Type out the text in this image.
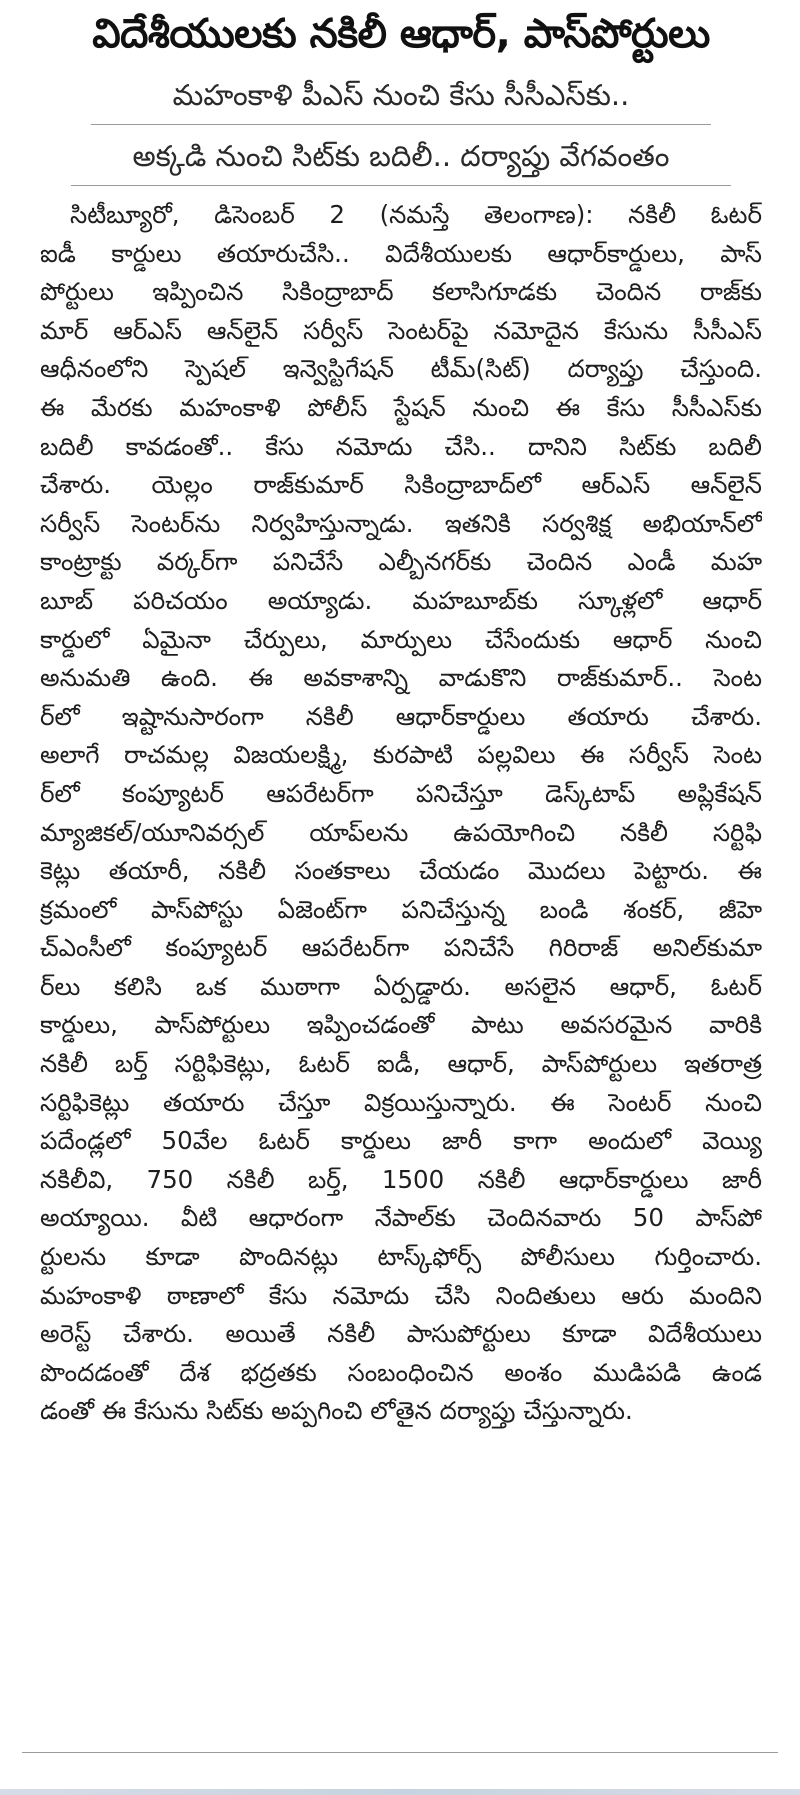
విదేశీయులకు నకిలీ ఆధార్, పాస్‌పోర్టులు
మహంకాళి పీఎస్ నుంచి కేసు సీసీఎస్‌కు..
అక్కడి నుంచి సిట్‌కు బదిలీ.. దర్యాప్తు వేగవంతం
సిటీబ్యూరో, డిసెంబర్ 2 (నమస్తే తెలంగాణ): నకిలీ ఓటర్
ఐడీ కార్డులు తయారుచేసి.. విదేశీయులకు ఆధార్‌కార్డులు, పాస్
పోర్టులు ఇప్పించిన సికింద్రాబాద్ కలాసిగూడకు చెందిన రాజ్‌కు
మార్ ఆర్‌ఎస్ ఆన్‌లైన్ సర్వీస్ సెంటర్‌పై నమోదైన కేసును సీసీఎస్
ఆధీనంలోని స్పెషల్ ఇన్వెస్టిగేషన్ టీమ్(సిట్) దర్యాప్తు చేస్తుంది.
ఈ మేరకు మహంకాళి పోలీస్ స్టేషన్ నుంచి ఈ కేసు సీసీఎస్‌కు
బదిలీ కావడంతో.. కేసు నమోదు చేసి.. దానిని సిట్‌కు బదిలీ
చేశారు. యెల్లం రాజ్‌కుమార్ సికింద్రాబాద్‌లో ఆర్‌ఎస్ ఆన్‌లైన్
సర్వీస్ సెంటర్‌ను నిర్వహిస్తున్నాడు. ఇతనికి సర్వశిక్ష అభియాన్‌లో
కాంట్రాక్టు వర్కర్‌గా పనిచేసే ఎల్బీనగర్‌కు చెందిన ఎండీ మహ
బూబ్ పరిచయం అయ్యాడు. మహబూబ్‌కు స్కూళ్లలో ఆధార్
కార్డులో ఏమైనా చేర్పులు, మార్పులు చేసేందుకు ఆధార్ నుంచి
అనుమతి ఉంది. ఈ అవకాశాన్ని వాడుకొని రాజ్‌కుమార్.. సెంట
ర్‌లో ఇష్టానుసారంగా నకిలీ ఆధార్‌కార్డులు తయారు చేశారు.
అలాగే రాచమల్ల విజయలక్ష్మి, కురపాటి పల్లవిలు ఈ సర్వీస్ సెంట
ర్‌లో కంప్యూటర్ ఆపరేటర్‌గా పనిచేస్తూ డెస్క్‌టాప్ అప్లికేషన్
మ్యాజికల్/యూనివర్సల్ యాప్‌లను ఉపయోగించి నకిలీ సర్టిఫి
కెట్లు తయారీ, నకిలీ సంతకాలు చేయడం మొదలు పెట్టారు. ఈ
క్రమంలో పాస్‌పోస్టు ఏజెంట్‌గా పనిచేస్తున్న బండి శంకర్, జీహె
చ్ఎంసీలో కంప్యూటర్ ఆపరేటర్‌గా పనిచేసే గిరిరాజ్ అనిల్‌కుమా
ర్‌లు కలిసి ఒక ముఠాగా ఏర్పడ్డారు. అసలైన ఆధార్, ఓటర్
కార్డులు, పాస్‌పోర్టులు ఇప్పించడంతో పాటు అవసరమైన వారికి
నకిలీ బర్త్ సర్టిఫికెట్లు, ఓటర్ ఐడీ, ఆధార్, పాస్‌పోర్టులు ఇతరాత్ర
సర్టిఫికెట్లు తయారు చేస్తూ విక్రయిస్తున్నారు. ఈ సెంటర్ నుంచి
పదేండ్లలో 50వేల ఓటర్ కార్డులు జారీ కాగా అందులో వెయ్యి
నకిలీవి, 750 నకిలీ బర్త్, 1500 నకిలీ ఆధార్‌కార్డులు జారీ
అయ్యాయి. వీటి ఆధారంగా నేపాల్‌కు చెందినవారు 50 పాస్‌పో
ర్టులను కూడా పొందినట్లు టాస్క్‌ఫోర్స్ పోలీసులు గుర్తించారు.
మహంకాళి ఠాణాలో కేసు నమోదు చేసి నిందితులు ఆరు మందిని
అరెస్ట్ చేశారు. అయితే నకిలీ పాసుపోర్టులు కూడా విదేశీయులు
పొందడంతో దేశ భద్రతకు సంబంధించిన అంశం ముడిపడి ఉండ
డంతో ఈ కేసును సిట్‌కు అప్పగించి లోతైన దర్యాప్తు చేస్తున్నారు.
